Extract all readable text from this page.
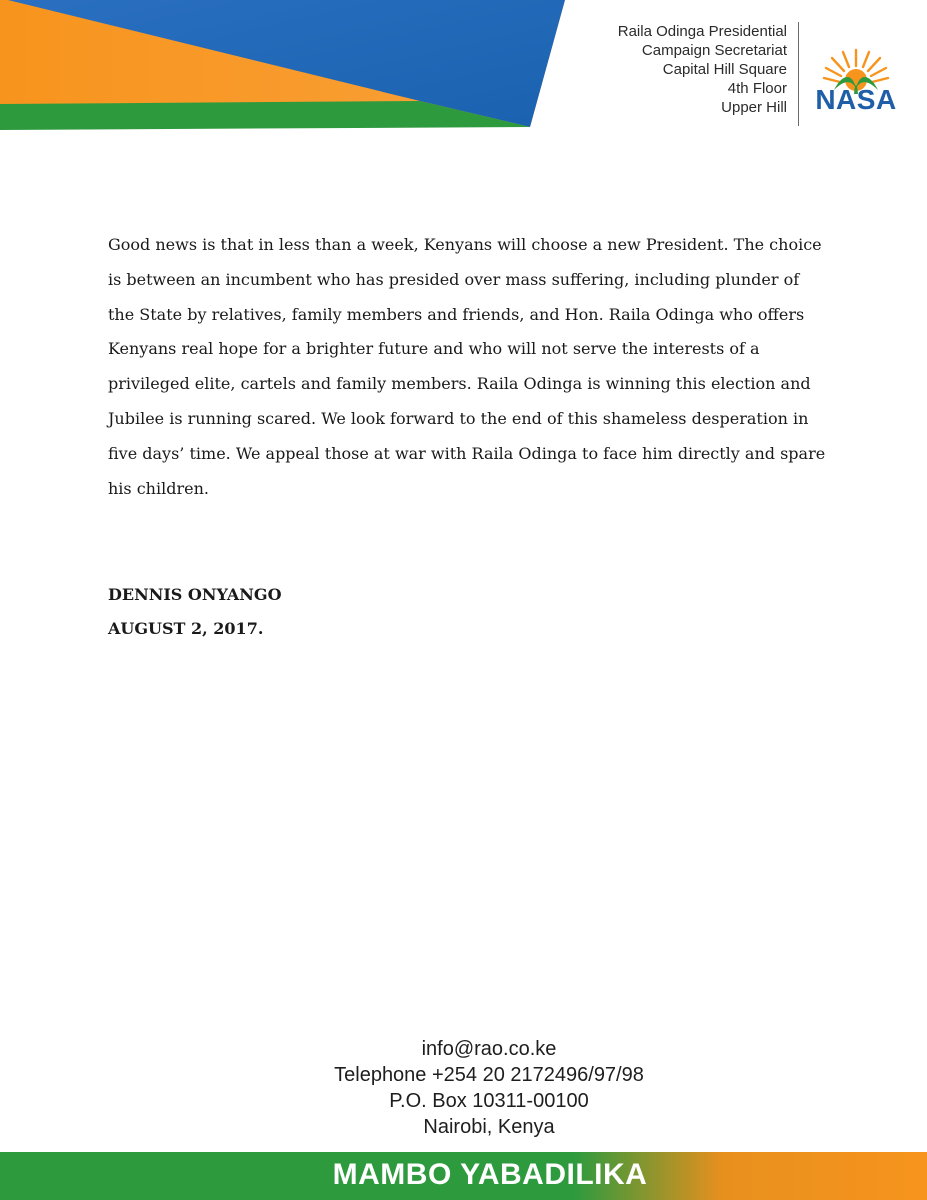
Raila Odinga Presidential
Campaign Secretariat
Capital Hill Square
4th Floor
Upper Hill NASA

Good news is that in less than a week, Kenyans will choose a new President. The choice is between an incumbent who has presided over mass suffering, including plunder of the State by relatives, family members and friends, and Hon. Raila Odinga who offers Kenyans real hope for a brighter future and who will not serve the interests of a privileged elite, cartels and family members. Raila Odinga is winning this election and Jubilee is running scared. We look forward to the end of this shameless desperation in five days’ time. We appeal those at war with Raila Odinga to face him directly and spare his children.

DENNIS ONYANGO
AUGUST 2, 2017.
info@rao.co.ke
Telephone +254 20 2172496/97/98
P.O. Box 10311-00100
Nairobi, Kenya
MAMBO YABADILIKA
